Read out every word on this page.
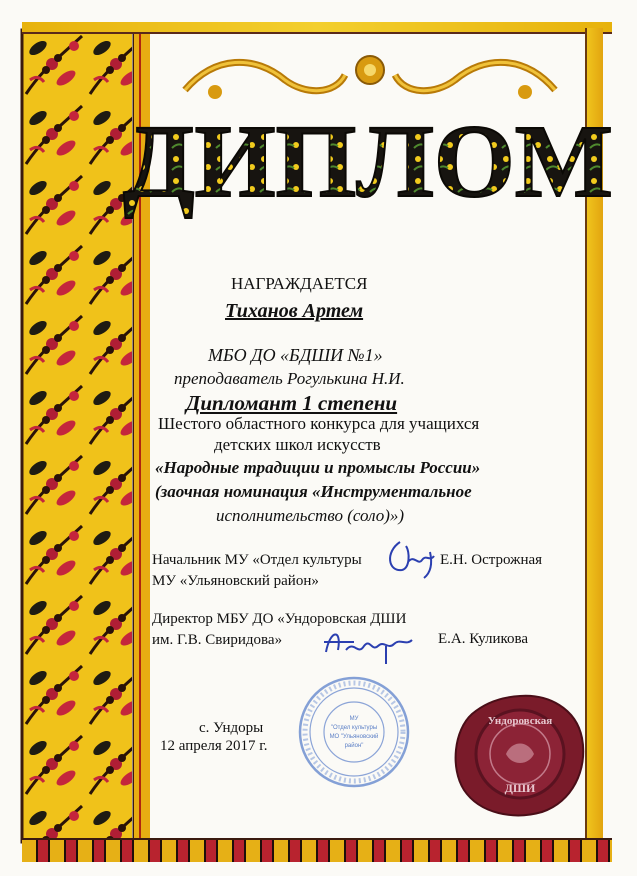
ДИПЛОМ
НАГРАЖДАЕТСЯ
Тиханов Артем
МБО ДО «БДШИ №1»
преподаватель Рогулькина Н.И.
Дипломант 1 степени
Шестого областного конкурса для учащихся
детских школ искусств
«Народные традиции и промыслы России»
(заочная номинация «Инструментальное
исполнительство (соло)»)
Начальник МУ «Отдел культуры
МУ «Ульяновский район»
Е.Н. Острожная
Директор МБУ ДО «Ундоровская ДШИ
им. Г.В. Свиридова»	Е.А. Куликова
с. Ундоры
12 апреля 2017 г.
МУ
"Отдел культуры
МО "Ульяновский
район"
Ундоровская
ДШИ
